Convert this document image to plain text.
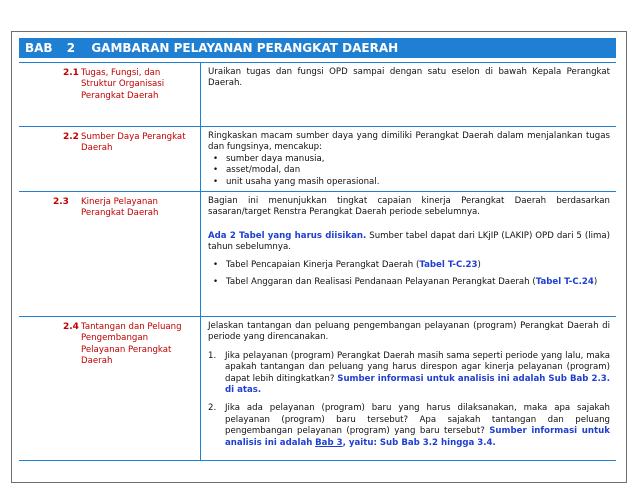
BAB 2 GAMBARAN PELAYANAN PERANGKAT DAERAH
2.1 Tugas, Fungsi, dan Struktur Organisasi Perangkat Daerah

Uraikan tugas dan fungsi OPD sampai dengan satu eselon di bawah Kepala Perangkat Daerah.

2.2 Sumber Daya Perangkat Daerah

Ringkaskan macam sumber daya yang dimiliki Perangkat Daerah dalam menjalankan tugas dan fungsinya, mencakup:

• sumber daya manusia,
• asset/modal, dan
• unit usaha yang masih operasional.
2.3 Kinerja Pelayanan Perangkat Daerah

Bagian ini menunjukkan tingkat capaian kinerja Perangkat Daerah berdasarkan sasaran/target Renstra Perangkat Daerah periode sebelumnya.

Ada 2 Tabel yang harus diisikan. Sumber tabel dapat dari LKjIP (LAKIP) OPD dari 5 (lima) tahun sebelumnya.

• Tabel Pencapaian Kinerja Perangkat Daerah (Tabel T-C.23)
• Tabel Anggaran dan Realisasi Pendanaan Pelayanan Perangkat Daerah (Tabel T-C.24)
2.4 Tantangan dan Peluang Pengembangan Pelayanan Perangkat Daerah

Jelaskan tantangan dan peluang pengembangan pelayanan (program) Perangkat Daerah di periode yang direncanakan.

1. Jika pelayanan (program) Perangkat Daerah masih sama seperti periode yang lalu, maka apakah tantangan dan peluang yang harus direspon agar kinerja pelayanan (program) dapat lebih ditingkatkan? Sumber informasi untuk analisis ini adalah Sub Bab 2.3. di atas.
2. Jika ada pelayanan (program) baru yang harus dilaksanakan, maka apa sajakah pelayanan (program) baru tersebut? Apa sajakah tantangan dan peluang pengembangan pelayanan (program) yang baru tersebut? Sumber informasi untuk analisis ini adalah Bab 3, yaitu: Sub Bab 3.2 hingga 3.4.
